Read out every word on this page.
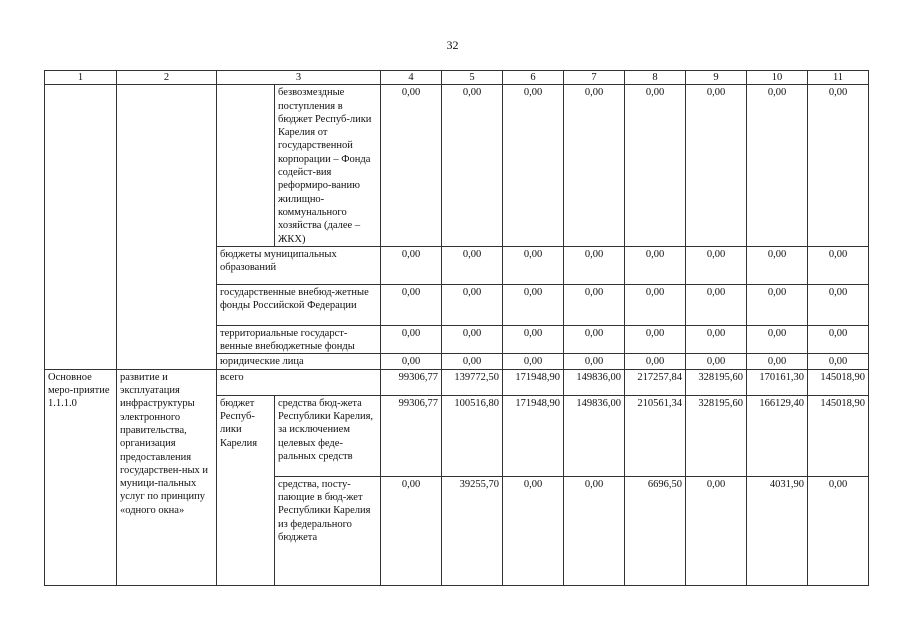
32
1	2	3		4	5	6	7	8	9	10	11
			безвозмездные поступления в бюджет Респуб-лики Карелия от государственной корпорации – Фонда содейст-вия реформиро-ванию жилищно-коммунального хозяйства (далее – ЖКХ)	0,00	0,00	0,00	0,00	0,00	0,00	0,00	0,00
		бюджеты муниципальных образований		0,00	0,00	0,00	0,00	0,00	0,00	0,00	0,00
		государственные внебюд-жетные фонды Российской Федерации		0,00	0,00	0,00	0,00	0,00	0,00	0,00	0,00
		территориальные государст-венные внебюджетные фонды		0,00	0,00	0,00	0,00	0,00	0,00	0,00	0,00
		юридические лица		0,00	0,00	0,00	0,00	0,00	0,00	0,00	0,00
Основное меро-приятие 1.1.1.0	развитие и эксплуатация инфраструктуры электронного правительства, организация предоставления государствен-ных и муници-пальных услуг по принципу «одного окна»	всего		99306,77	139772,50	171948,90	149836,00	217257,84	328195,60	170161,30	145018,90
		бюджет Респуб-лики Карелия	средства бюд-жета Республики Карелия, за исключением целевых феде-ральных средств	99306,77	100516,80	171948,90	149836,00	210561,34	328195,60	166129,40	145018,90
			средства, посту-пающие в бюд-жет Республики Карелия из федерального бюджета	0,00	39255,70	0,00	0,00	6696,50	0,00	4031,90	0,00
